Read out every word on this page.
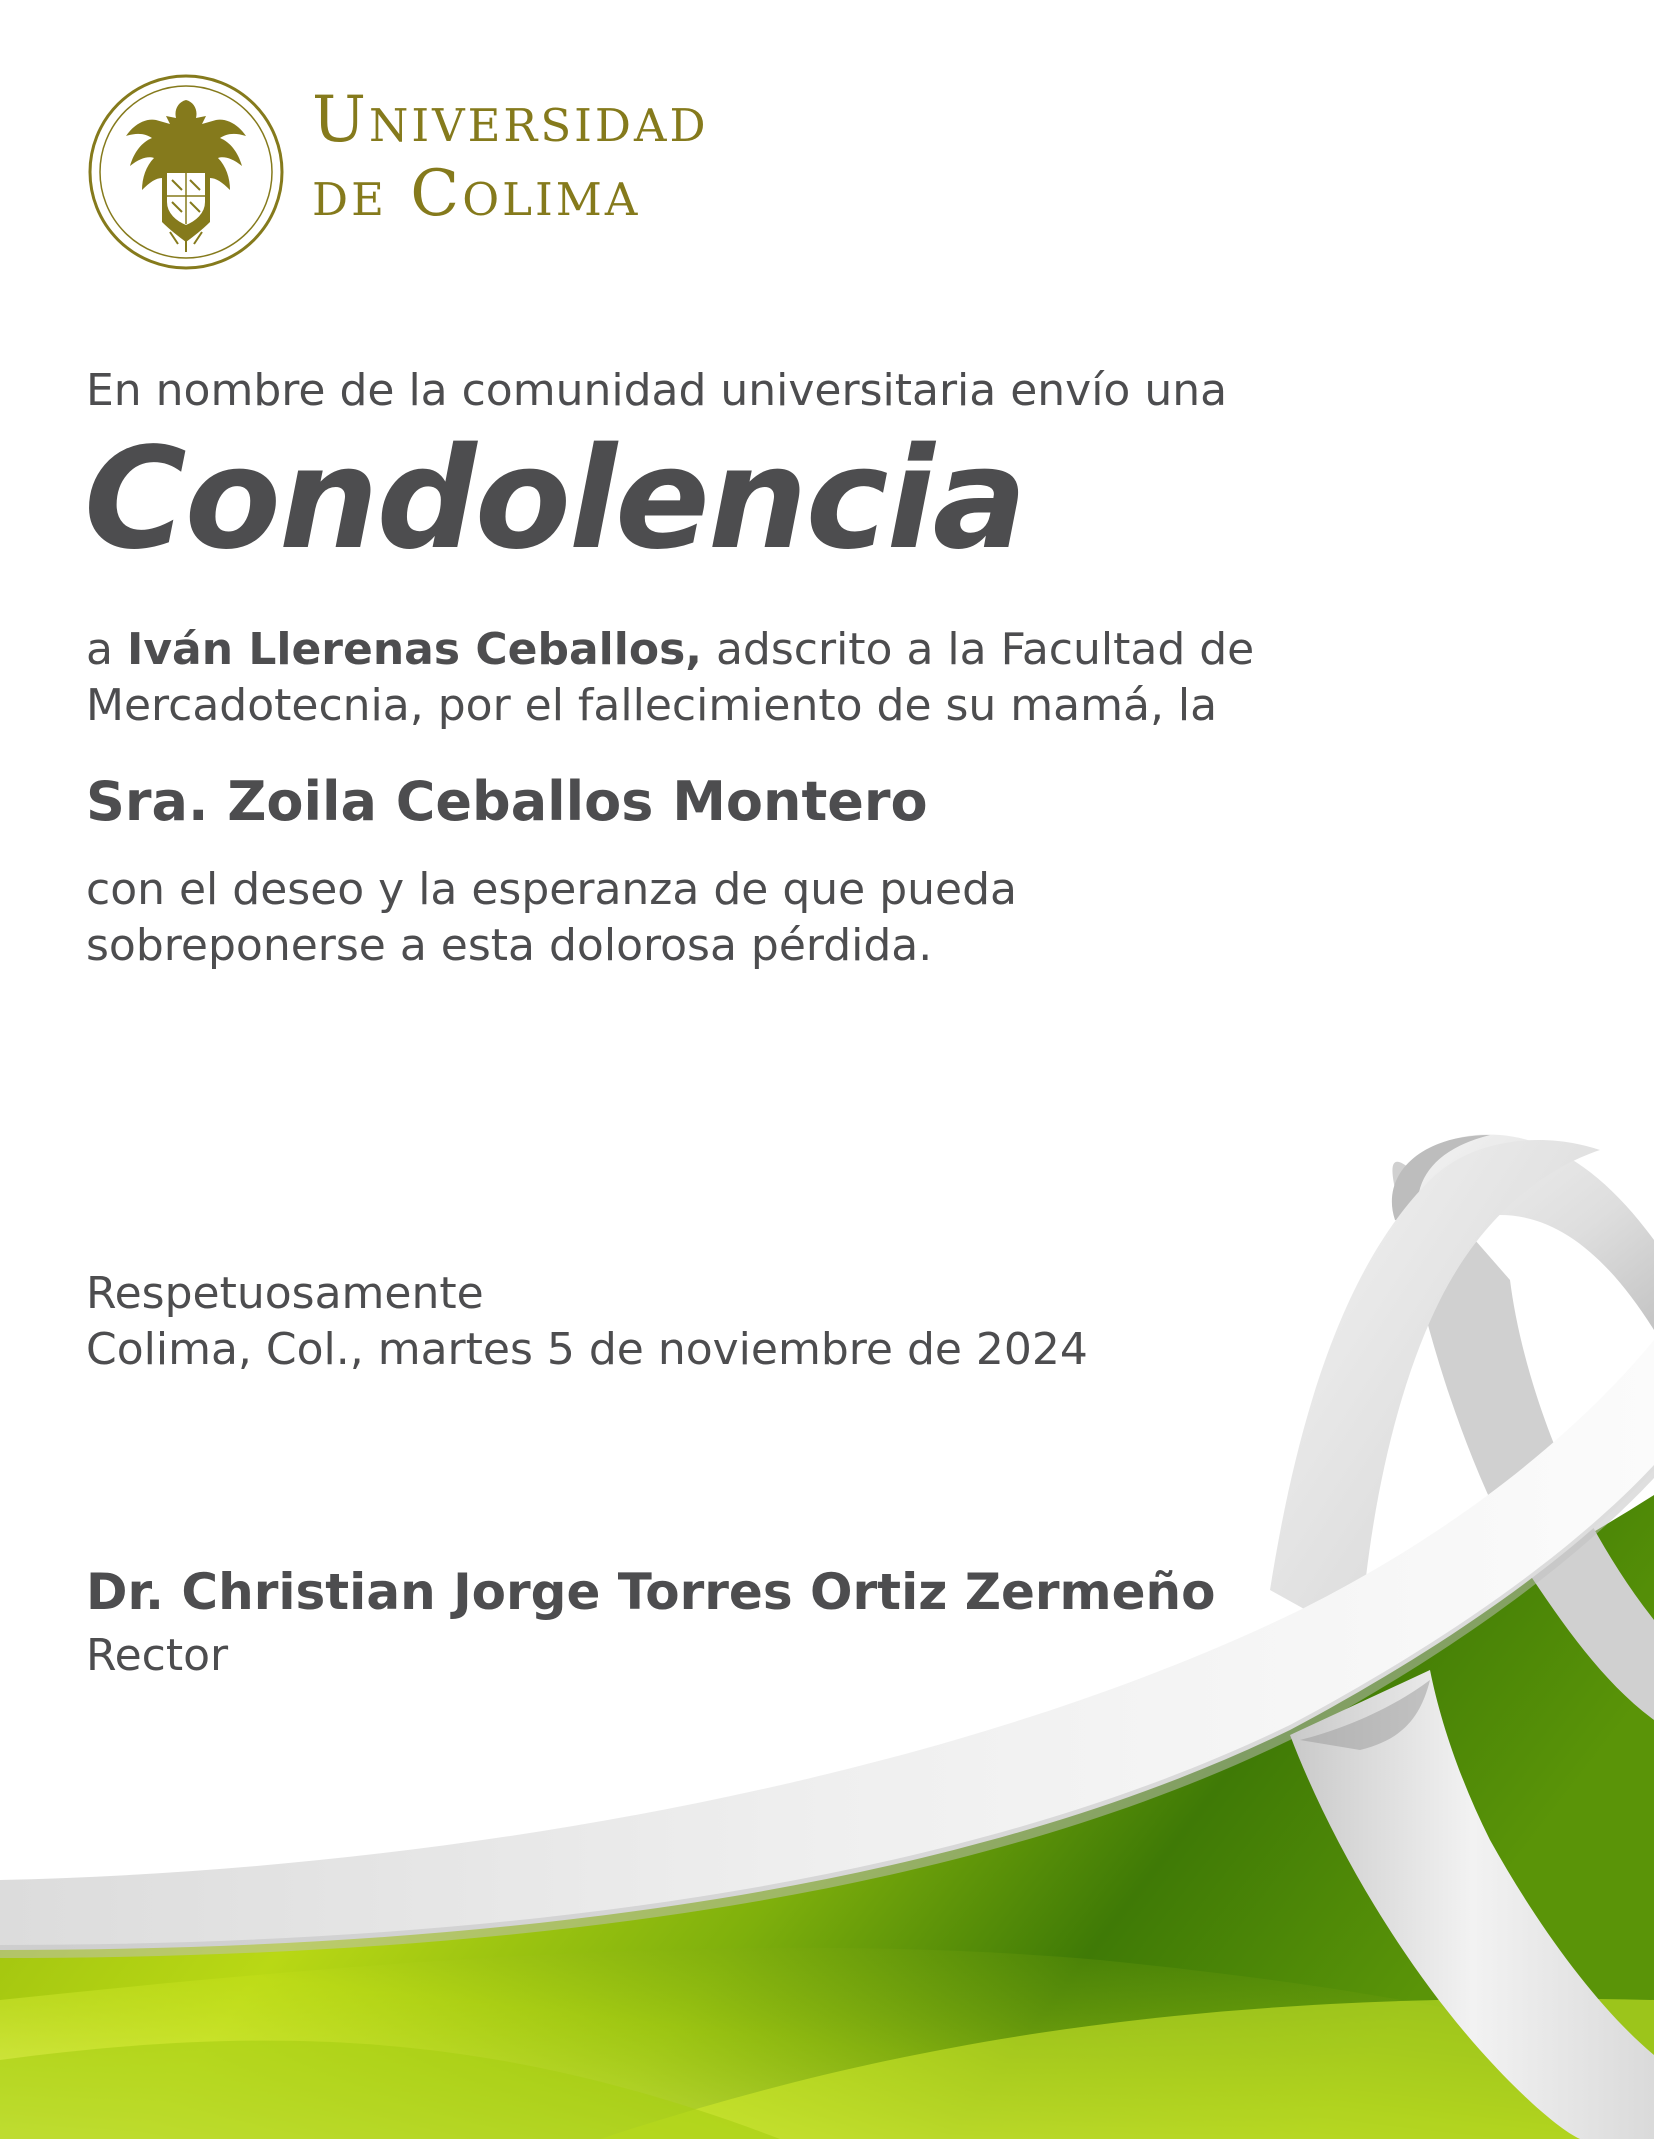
Universidad
de Colima
En nombre de la comunidad universitaria envío una
Condolencia
a Iván Llerenas Ceballos, adscrito a la Facultad de
Mercadotecnia, por el fallecimiento de su mamá, la
Sra. Zoila Ceballos Montero
con el deseo y la esperanza de que pueda
sobreponerse a esta dolorosa pérdida.
Respetuosamente
Colima, Col., martes 5 de noviembre de 2024
Dr. Christian Jorge Torres Ortiz Zermeño
Rector
